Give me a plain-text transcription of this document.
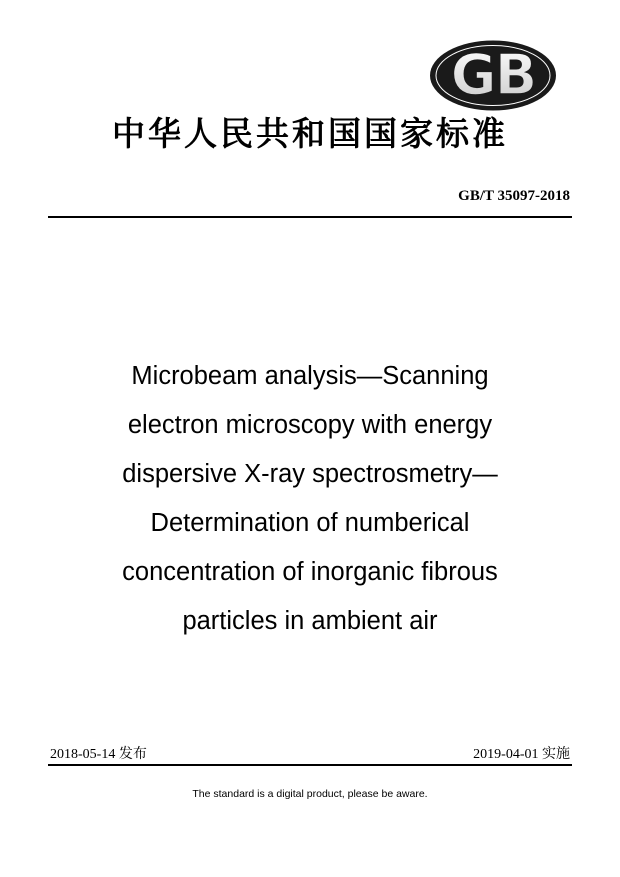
GB
中华人民共和国国家标准
GB/T 35097-2018
Microbeam analysis—Scanning
electron microscopy with energy
dispersive X-ray spectrosmetry—
Determination of numberical
concentration of inorganic fibrous
particles in ambient air
2018-05-14 发布	2019-04-01 实施
The standard is a digital product, please be aware.
